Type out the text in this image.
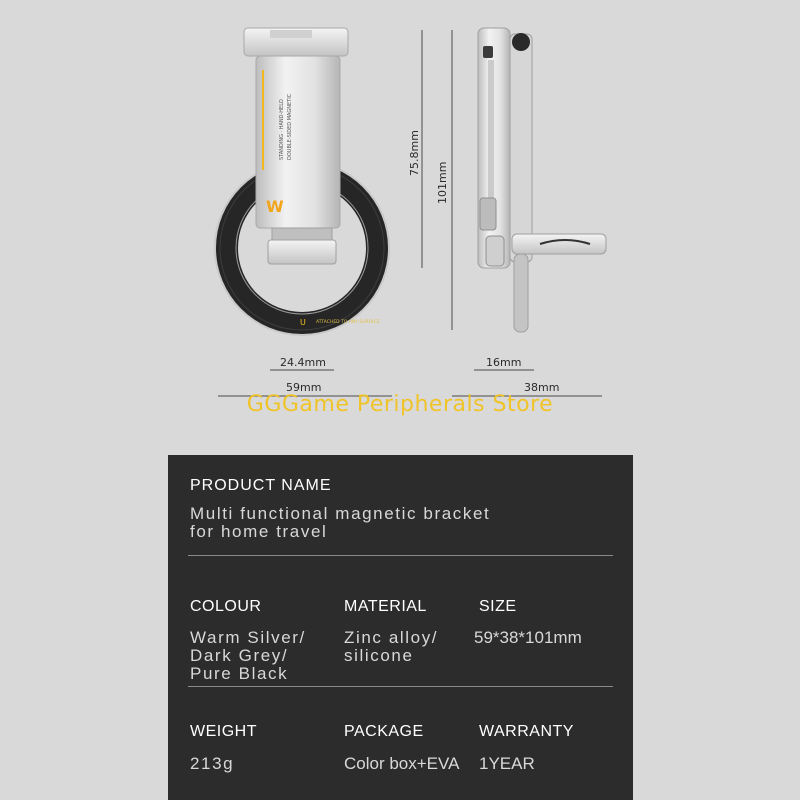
ATTACHED TO ANY SURFACE
U
STANDING · HAND-HELD DOUBLE-SIDED MAGNETIC
W
24.4mm
59mm
75.8mm
101mm
16mm
38mm
GGGame Peripherals Store
PRODUCT NAME
Multi functional magnetic bracket
for home travel
COLOUR
Warm Silver/
Dark Grey/
Pure Black
MATERIAL
Zinc alloy/
silicone
SIZE
59*38*101mm
WEIGHT
213g
PACKAGE
Color box+EVA
WARRANTY
1YEAR
